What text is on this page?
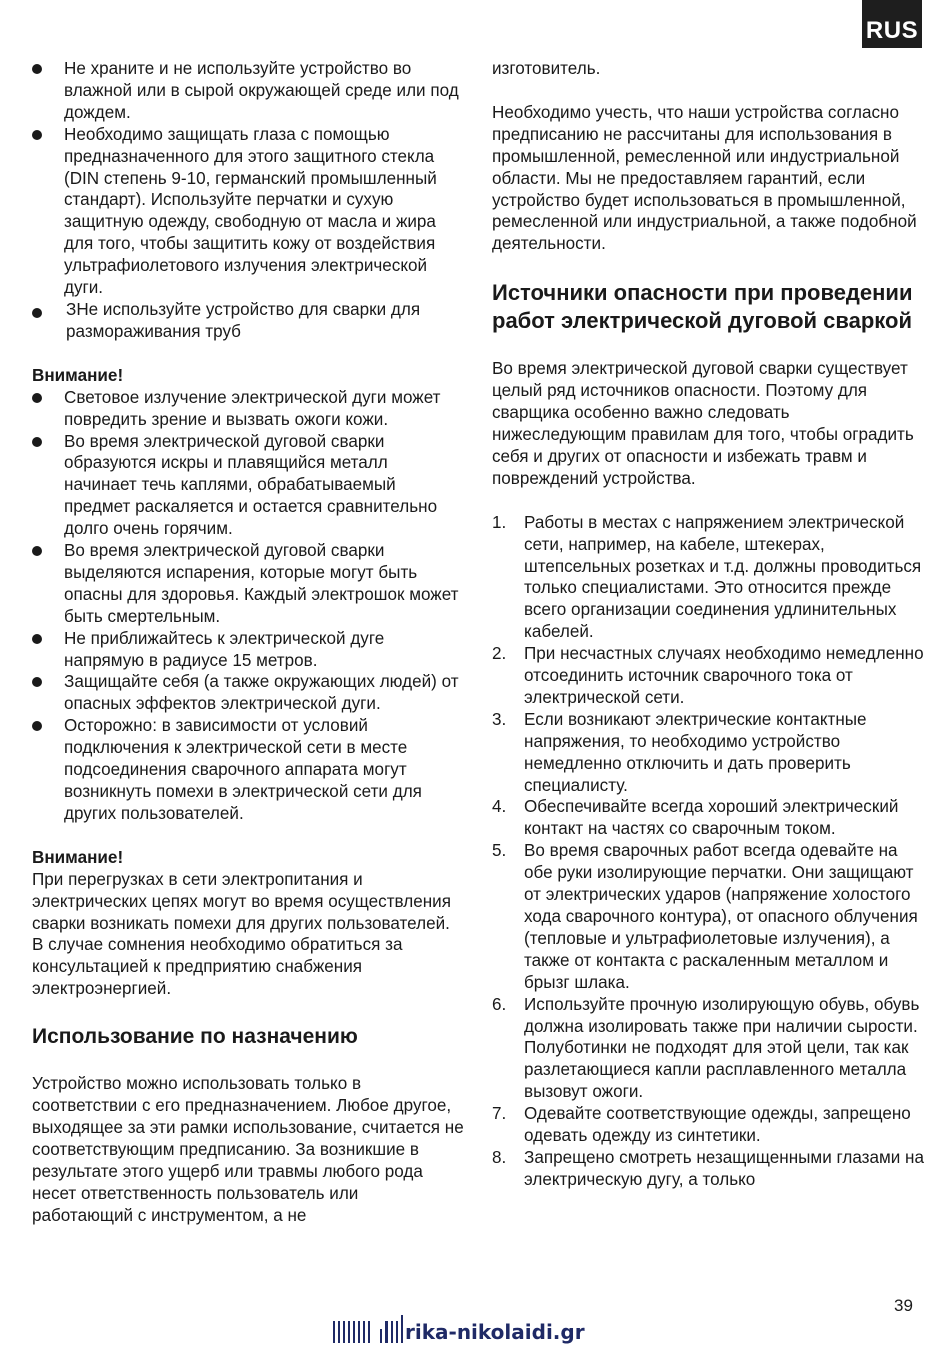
RUS
Не храните и не используйте устройство во влажной или в сырой окружающей среде или под дождем.
Необходимо защищать глаза с помощью предназначенного для этого защитного стекла (DIN степень 9-10, германский промышленный стандарт). Используйте перчатки и сухую защитную одежду, свободную от масла и жира для того, чтобы защитить кожу от воздействия ультрафиолетового излучения электрической дуги.
ЗНе используйте устройство для сварки для размораживания труб

Внимание!

Световое излучение электрической дуги может повредить зрение и вызвать ожоги кожи.
Во время электрической дуговой сварки образуются искры и плавящийся металл начинает течь каплями, обрабатываемый предмет раскаляется и остается сравнительно долго очень горячим.
Во время электрической дуговой сварки выделяются испарения, которые могут быть опасны для здоровья. Каждый электрошок может быть смертельным.
Не приближайтесь к электрической дуге напрямую в радиусе 15 метров.
Защищайте себя (а также окружающих людей) от опасных эффектов электрической дуги.
Осторожно: в зависимости от условий подключения к электрической сети в месте подсоединения сварочного аппарата могут возникнуть помехи в электрической сети для других пользователей.

Внимание!

При перегрузках в сети электропитания и электрических цепях могут во время осуществления сварки возникать помехи для других пользователей. В случае сомнения необходимо обратиться за консультацией к предприятию снабжения электроэнергией.

Использование по назначению

Устройство можно использовать только в соответствии с его предназначением. Любое другое, выходящее за эти рамки использование, считается не соответствующим предписанию. За возникшие в результате этого ущерб или травмы любого рода несет ответственность пользователь или работающий с инструментом, а не

изготовитель.

Необходимо учесть, что наши устройства согласно предписанию не рассчитаны для использования в промышленной, ремесленной или индустриальной области. Мы не предоставляем гарантий, если устройство будет использоваться в промышленной, ремесленной или индустриальной, а также подобной деятельности.

Источники опасности при проведении работ электрической дуговой сваркой

Во время электрической дуговой сварки существует целый ряд источников опасности. Поэтому для сварщика особенно важно следовать нижеследующим правилам для того, чтобы оградить себя и других от опасности и избежать травм и повреждений устройства.

1. Работы в местах с напряжением электрической сети, например, на кабеле, штекерах, штепсельных розетках и т.д. должны проводиться только специалистами. Это относится прежде всего организации соединения удлинительных кабелей.
2. При несчастных случаях необходимо немедленно отсоединить источник сварочного тока от электрической сети.
3. Если возникают электрические контактные напряжения, то необходимо устройство немедленно отключить и дать проверить специалисту.
4. Обеспечивайте всегда хороший электрический контакт на частях со сварочным током.
5. Во время сварочных работ всегда одевайте на обе руки изолирующие перчатки. Они защищают от электрических ударов (напряжение холостого хода сварочного контура), от опасного облучения (тепловые и ультрафиолетовые излучения), а также от контакта с раскаленным металлом и брызг шлака.
6. Используйте прочную изолирующую обувь, обувь должна изолировать также при наличии сырости. Полуботинки не подходят для этой цели, так как разлетающиеся капли расплавленного металла вызовут ожоги.
7. Одевайте соответствующие одежды, запрещено одевать одежду из синтетики.
8. Запрещено смотреть незащищенными глазами на электрическую дугу, а только
39
rika-nikolaidi.gr
